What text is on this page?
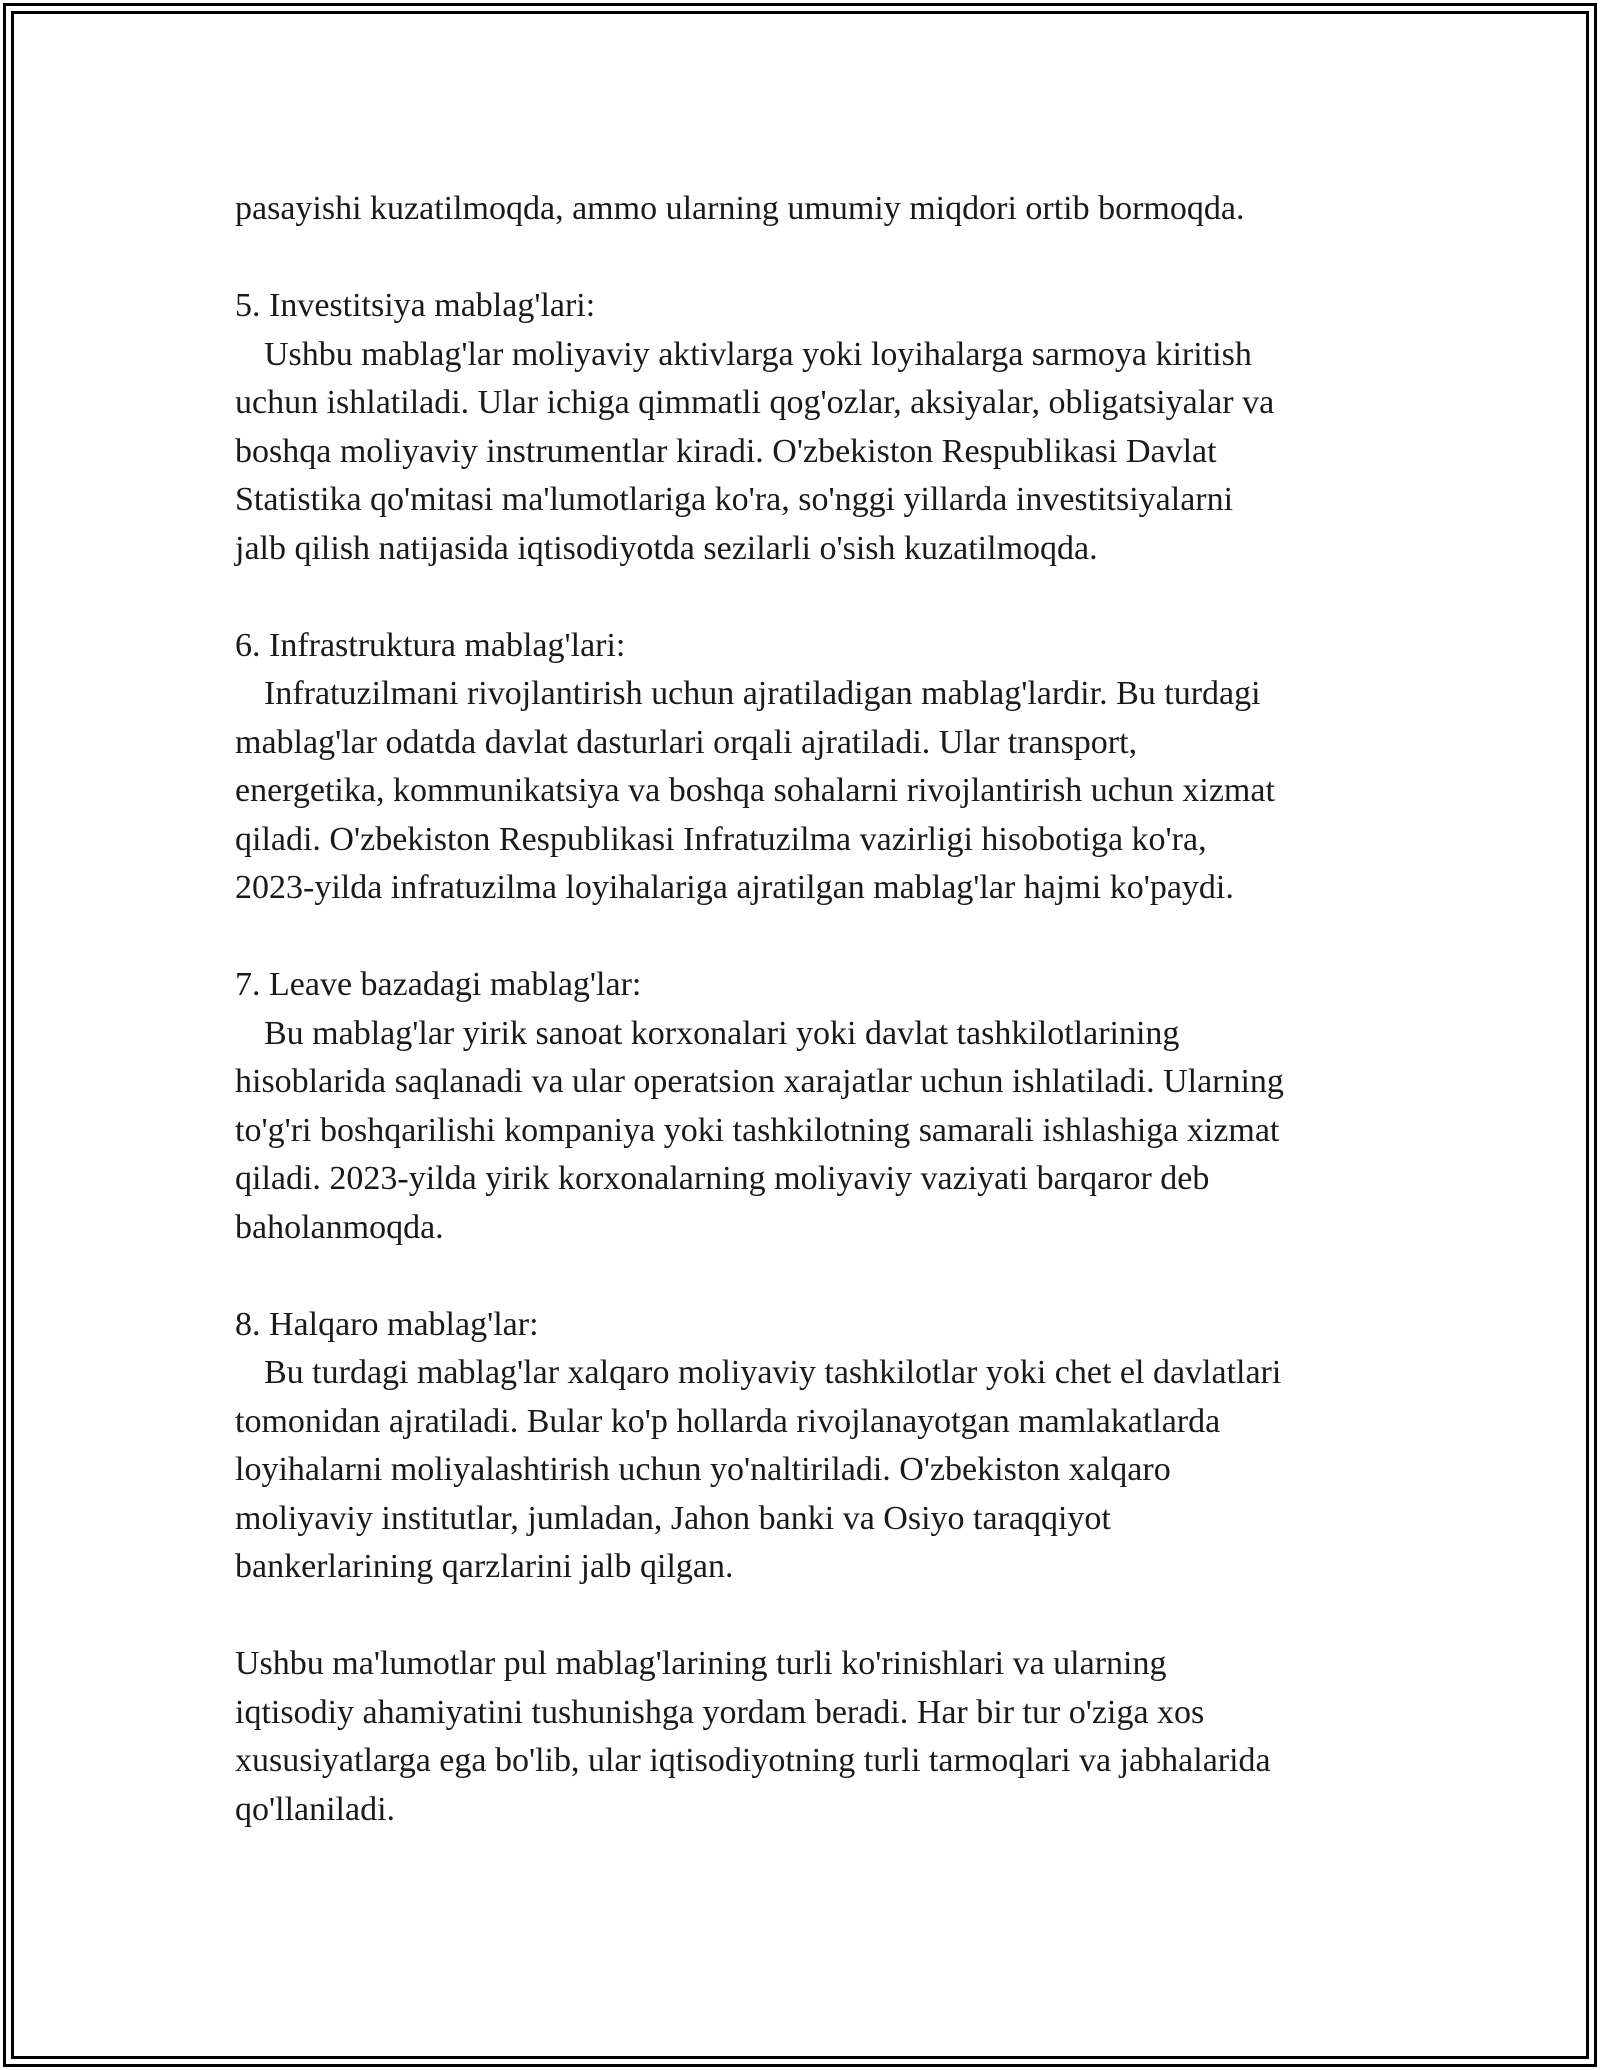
pasayishi kuzatilmoqda, ammo ularning umumiy miqdori ortib bormoqda.

5. Investitsiya mablag'lari:

Ushbu mablag'lar moliyaviy aktivlarga yoki loyihalarga sarmoya kiritish

uchun ishlatiladi. Ular ichiga qimmatli qog'ozlar, aksiyalar, obligatsiyalar va

boshqa moliyaviy instrumentlar kiradi. O'zbekiston Respublikasi Davlat

Statistika qo'mitasi ma'lumotlariga ko'ra, so'nggi yillarda investitsiyalarni

jalb qilish natijasida iqtisodiyotda sezilarli o'sish kuzatilmoqda.

6. Infrastruktura mablag'lari:

Infratuzilmani rivojlantirish uchun ajratiladigan mablag'lardir. Bu turdagi

mablag'lar odatda davlat dasturlari orqali ajratiladi. Ular transport,

energetika, kommunikatsiya va boshqa sohalarni rivojlantirish uchun xizmat

qiladi. O'zbekiston Respublikasi Infratuzilma vazirligi hisobotiga ko'ra,

2023-yilda infratuzilma loyihalariga ajratilgan mablag'lar hajmi ko'paydi.

7. Leave bazadagi mablag'lar:

Bu mablag'lar yirik sanoat korxonalari yoki davlat tashkilotlarining

hisoblarida saqlanadi va ular operatsion xarajatlar uchun ishlatiladi. Ularning

to'g'ri boshqarilishi kompaniya yoki tashkilotning samarali ishlashiga xizmat

qiladi. 2023-yilda yirik korxonalarning moliyaviy vaziyati barqaror deb

baholanmoqda.

8. Halqaro mablag'lar:

Bu turdagi mablag'lar xalqaro moliyaviy tashkilotlar yoki chet el davlatlari

tomonidan ajratiladi. Bular ko'p hollarda rivojlanayotgan mamlakatlarda

loyihalarni moliyalashtirish uchun yo'naltiriladi. O'zbekiston xalqaro

moliyaviy institutlar, jumladan, Jahon banki va Osiyo taraqqiyot

bankerlarining qarzlarini jalb qilgan.

Ushbu ma'lumotlar pul mablag'larining turli ko'rinishlari va ularning

iqtisodiy ahamiyatini tushunishga yordam beradi. Har bir tur o'ziga xos

xususiyatlarga ega bo'lib, ular iqtisodiyotning turli tarmoqlari va jabhalarida

qo'llaniladi.
